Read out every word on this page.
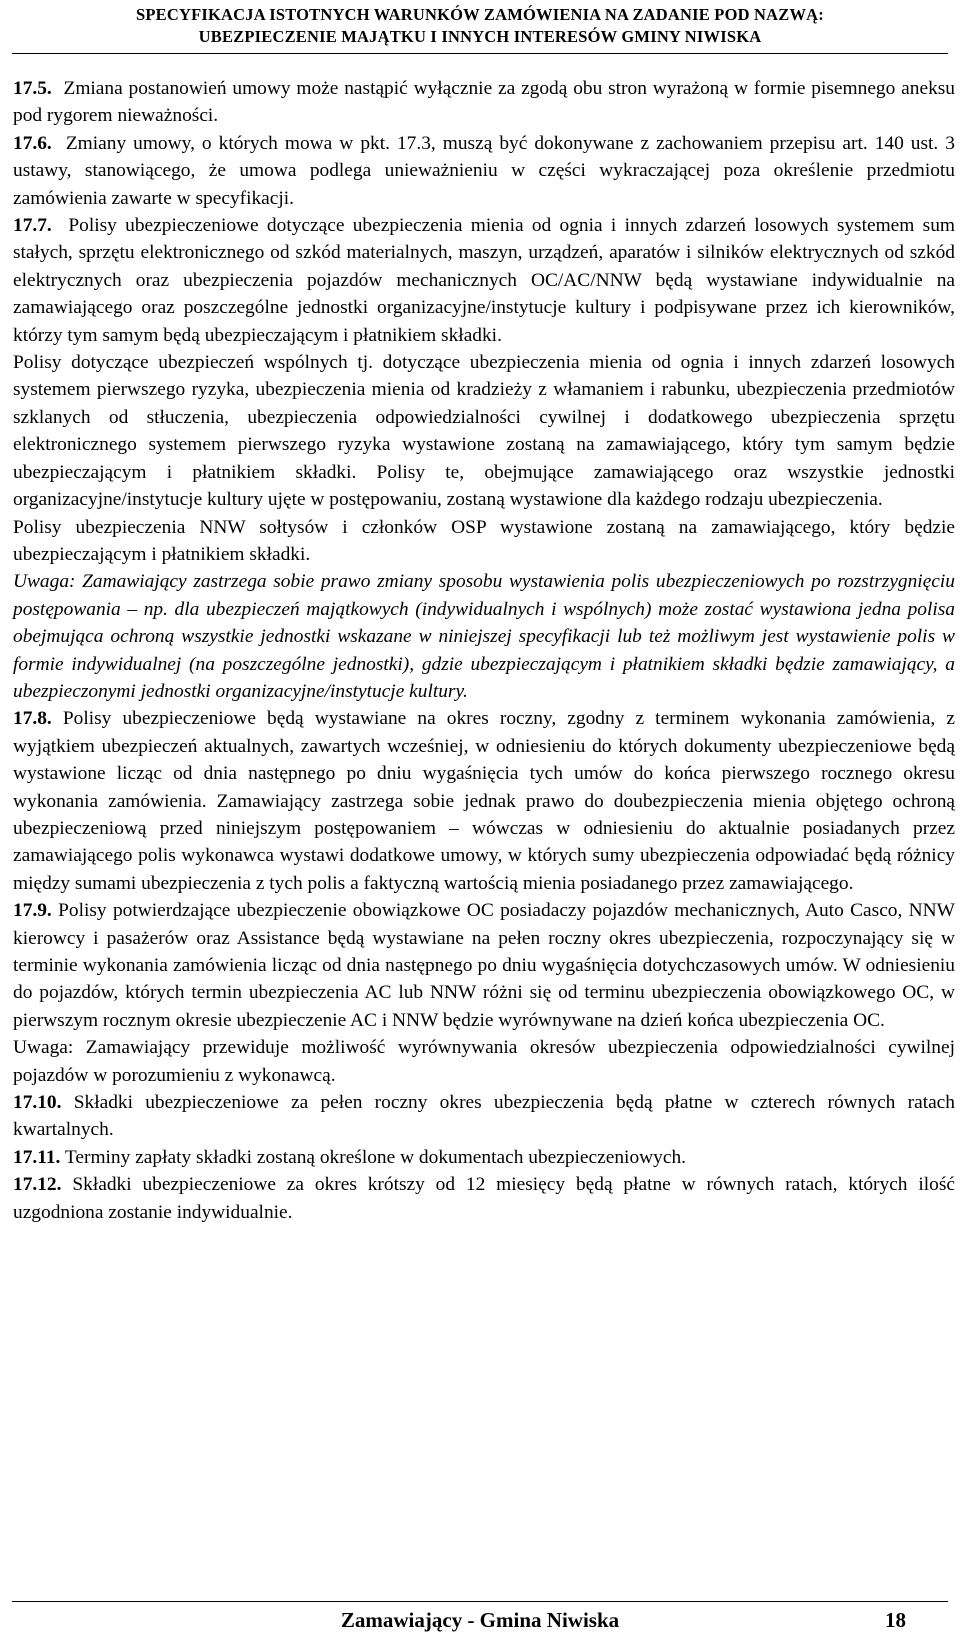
SPECYFIKACJA ISTOTNYCH WARUNKÓW ZAMÓWIENIA NA ZADANIE POD NAZWĄ:
UBEZPIECZENIE MAJĄTKU I INNYCH INTERESÓW GMINY NIWISKA

17.5. Zmiana postanowień umowy może nastąpić wyłącznie za zgodą obu stron wyrażoną w formie pisemnego aneksu pod rygorem nieważności.

17.6. Zmiany umowy, o których mowa w pkt. 17.3, muszą być dokonywane z zachowaniem przepisu art. 140 ust. 3 ustawy, stanowiącego, że umowa podlega unieważnieniu w części wykraczającej poza określenie przedmiotu zamówienia zawarte w specyfikacji.

17.7. Polisy ubezpieczeniowe dotyczące ubezpieczenia mienia od ognia i innych zdarzeń losowych systemem sum stałych, sprzętu elektronicznego od szkód materialnych, maszyn, urządzeń, aparatów i silników elektrycznych od szkód elektrycznych oraz ubezpieczenia pojazdów mechanicznych OC/AC/NNW będą wystawiane indywidualnie na zamawiającego oraz poszczególne jednostki organizacyjne/instytucje kultury i podpisywane przez ich kierowników, którzy tym samym będą ubezpieczającym i płatnikiem składki.

Polisy dotyczące ubezpieczeń wspólnych tj. dotyczące ubezpieczenia mienia od ognia i innych zdarzeń losowych systemem pierwszego ryzyka, ubezpieczenia mienia od kradzieży z włamaniem i rabunku, ubezpieczenia przedmiotów szklanych od stłuczenia, ubezpieczenia odpowiedzialności cywilnej i dodatkowego ubezpieczenia sprzętu elektronicznego systemem pierwszego ryzyka wystawione zostaną na zamawiającego, który tym samym będzie ubezpieczającym i płatnikiem składki. Polisy te, obejmujące zamawiającego oraz wszystkie jednostki organizacyjne/instytucje kultury ujęte w postępowaniu, zostaną wystawione dla każdego rodzaju ubezpieczenia.

Polisy ubezpieczenia NNW sołtysów i członków OSP wystawione zostaną na zamawiającego, który będzie ubezpieczającym i płatnikiem składki.

Uwaga: Zamawiający zastrzega sobie prawo zmiany sposobu wystawienia polis ubezpieczeniowych po rozstrzygnięciu postępowania – np. dla ubezpieczeń majątkowych (indywidualnych i wspólnych) może zostać wystawiona jedna polisa obejmująca ochroną wszystkie jednostki wskazane w niniejszej specyfikacji lub też możliwym jest wystawienie polis w formie indywidualnej (na poszczególne jednostki), gdzie ubezpieczającym i płatnikiem składki będzie zamawiający, a ubezpieczonymi jednostki organizacyjne/instytucje kultury.

17.8. Polisy ubezpieczeniowe będą wystawiane na okres roczny, zgodny z terminem wykonania zamówienia, z wyjątkiem ubezpieczeń aktualnych, zawartych wcześniej, w odniesieniu do których dokumenty ubezpieczeniowe będą wystawione licząc od dnia następnego po dniu wygaśnięcia tych umów do końca pierwszego rocznego okresu wykonania zamówienia. Zamawiający zastrzega sobie jednak prawo do doubezpieczenia mienia objętego ochroną ubezpieczeniową przed niniejszym postępowaniem – wówczas w odniesieniu do aktualnie posiadanych przez zamawiającego polis wykonawca wystawi dodatkowe umowy, w których sumy ubezpieczenia odpowiadać będą różnicy między sumami ubezpieczenia z tych polis a faktyczną wartością mienia posiadanego przez zamawiającego.

17.9. Polisy potwierdzające ubezpieczenie obowiązkowe OC posiadaczy pojazdów mechanicznych, Auto Casco, NNW kierowcy i pasażerów oraz Assistance będą wystawiane na pełen roczny okres ubezpieczenia, rozpoczynający się w terminie wykonania zamówienia licząc od dnia następnego po dniu wygaśnięcia dotychczasowych umów. W odniesieniu do pojazdów, których termin ubezpieczenia AC lub NNW różni się od terminu ubezpieczenia obowiązkowego OC, w pierwszym rocznym okresie ubezpieczenie AC i NNW będzie wyrównywane na dzień końca ubezpieczenia OC.

Uwaga: Zamawiający przewiduje możliwość wyrównywania okresów ubezpieczenia odpowiedzialności cywilnej pojazdów w porozumieniu z wykonawcą.

17.10. Składki ubezpieczeniowe za pełen roczny okres ubezpieczenia będą płatne w czterech równych ratach kwartalnych.

17.11. Terminy zapłaty składki zostaną określone w dokumentach ubezpieczeniowych.

17.12. Składki ubezpieczeniowe za okres krótszy od 12 miesięcy będą płatne w równych ratach, których ilość uzgodniona zostanie indywidualnie.

Zamawiający - Gmina Niwiska	18
